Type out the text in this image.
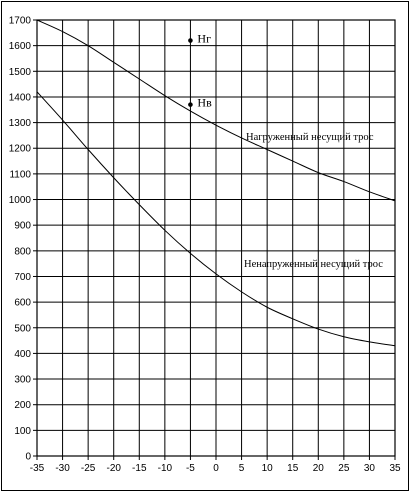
-35 -30 -25 -20 -15 -10 -5 0 5 10 15 20 25 30 35
0
100
200
300
400
500
600
700
800
900
1000
1100
1200
1300
1400
1500
1600
1700
Нагруженный несущий трос
Ненапруженный несущий трос
Нг
Нв
